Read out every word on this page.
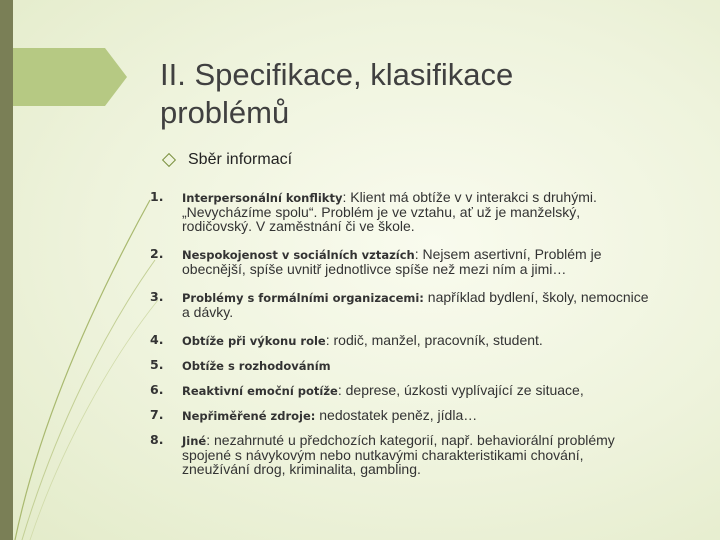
II. Specifikace, klasifikace
problémů
Sběr informací
1.	Interpersonální konflikty: Klient má obtíže v v interakci s druhými. „Nevycházíme spolu“. Problém je ve vztahu, ať už je manželský, rodičovský. V zaměstnání či ve škole.
2.	Nespokojenost v sociálních vztazích: Nejsem asertivní, Problém je obecnější, spíše uvnitř jednotlivce spíše než mezi ním a jimi…
3.	Problémy s formálními organizacemi: například bydlení, školy, nemocnice a dávky.
4.	Obtíže při výkonu role: rodič, manžel, pracovník, student.
5.	Obtíže s rozhodováním
6.	Reaktivní emoční potíže: deprese, úzkosti vyplívající ze situace,
7.	Nepřiměřené zdroje: nedostatek peněz, jídla…
8.	Jiné: nezahrnuté u předchozích kategorií, např. behaviorální problémy spojené s návykovým nebo nutkavými charakteristikami chování, zneužívání drog, kriminalita, gambling.
